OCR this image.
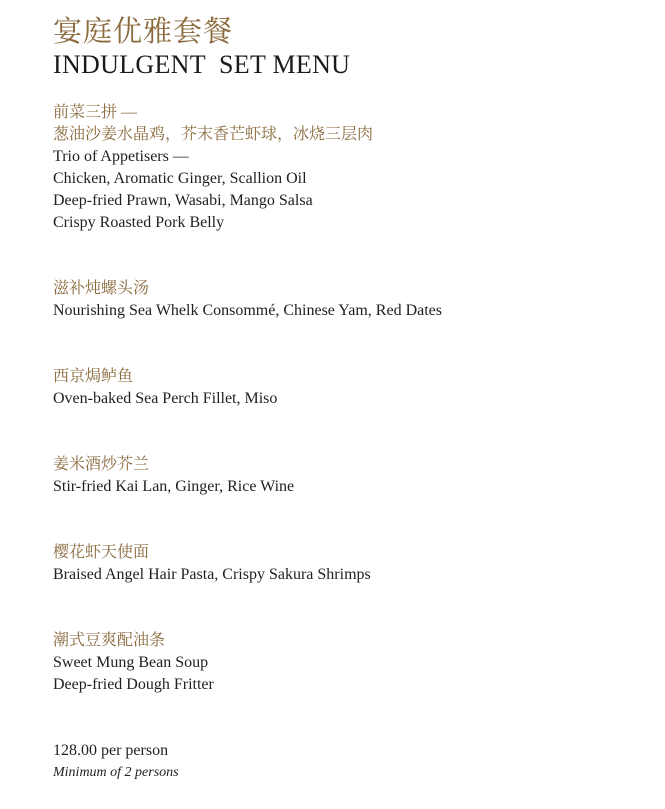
宴庭优雅套餐
INDULGENT  SET MENU

前菜三拼 —

葱油沙姜水晶鸡，芥末香芒虾球，冰烧三层肉

Trio of Appetisers —

Chicken, Aromatic Ginger, Scallion Oil

Deep-fried Prawn, Wasabi, Mango Salsa

Crispy Roasted Pork Belly

滋补炖螺头汤

Nourishing Sea Whelk Consommé, Chinese Yam, Red Dates

西京焗鲈鱼

Oven-baked Sea Perch Fillet, Miso

姜米酒炒芥兰

Stir-fried Kai Lan, Ginger, Rice Wine

樱花虾天使面

Braised Angel Hair Pasta, Crispy Sakura Shrimps

潮式豆爽配油条

Sweet Mung Bean Soup

Deep-fried Dough Fritter

128.00 per person

Minimum of 2 persons
